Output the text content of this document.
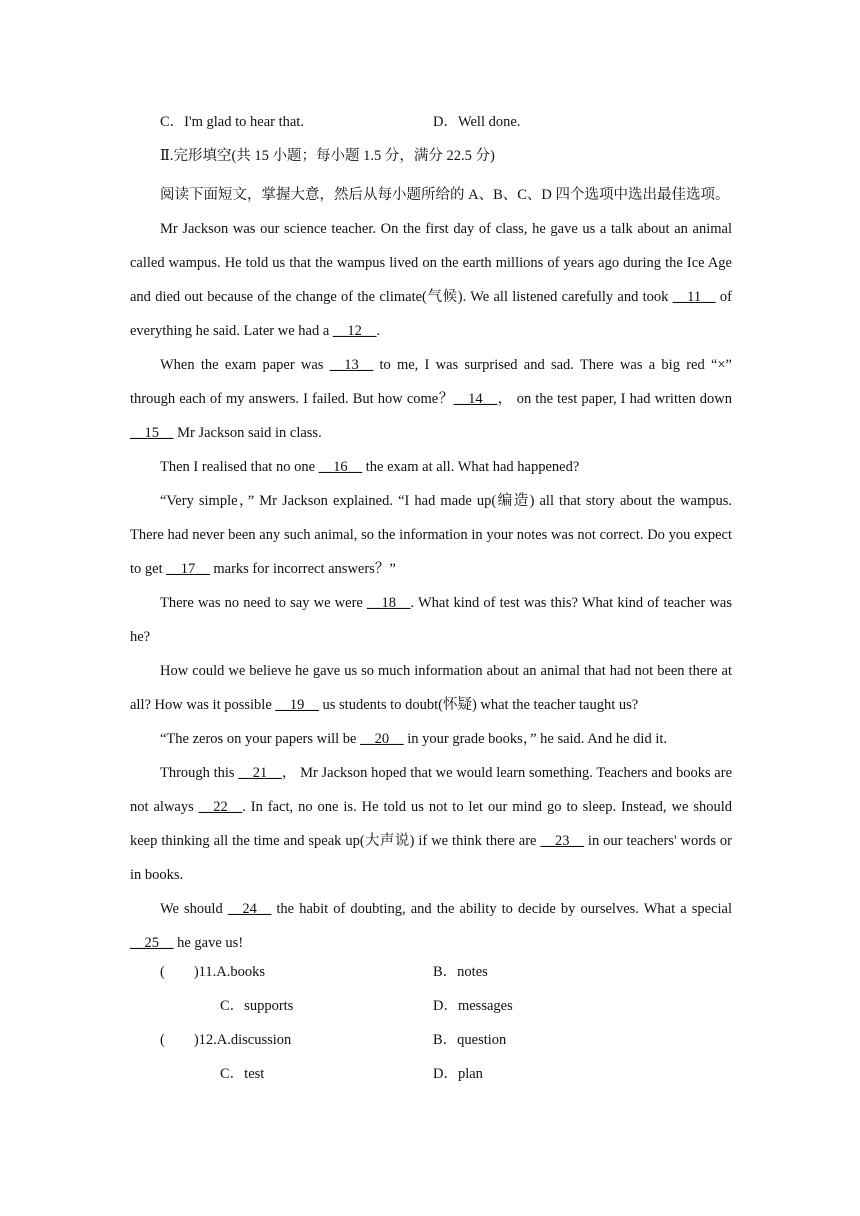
C．I'm glad to hear that.	D．Well done.
Ⅱ.完形填空(共 15 小题；每小题 1.5 分，满分 22.5 分)

阅读下面短文，掌握大意，然后从每小题所给的 A、B、C、D 四个选项中选出最佳选项。

Mr Jackson was our science teacher. On the first day of class, he gave us a talk about an animal called wampus. He told us that the wampus lived on the earth millions of years ago during the Ice Age and died out because of the change of the climate(气候). We all listened carefully and took __11__ of everything he said. Later we had a __12__.

When the exam paper was __13__ to me, I was surprised and sad. There was a big red “×” through each of my answers. I failed. But how come？__14__， on the test paper, I had written down __15__ Mr Jackson said in class.

Then I realised that no one __16__ the exam at all. What had happened?

“Very simple，” Mr Jackson explained. “I had made up(编造) all that story about the wampus. There had never been any such animal, so the information in your notes was not correct. Do you expect to get __17__ marks for incorrect answers？”

There was no need to say we were __18__. What kind of test was this? What kind of teacher was he?

How could we believe he gave us so much information about an animal that had not been there at all? How was it possible __19__ us students to doubt(怀疑) what the teacher taught us?

“The zeros on your papers will be __20__ in your grade books，” he said. And he did it.

Through this __21__， Mr Jackson hoped that we would learn something. Teachers and books are not always __22__. In fact, no one is. He told us not to let our mind go to sleep. Instead, we should keep thinking all the time and speak up(大声说) if we think there are __23__ in our teachers' words or in books.

We should __24__ the habit of doubting, and the ability to decide by ourselves. What a special __25__ he gave us!

(　　)11.A.books	B．notes
C．supports	D．messages
(　　)12.A.discussion	B．question
C．test	D．plan
